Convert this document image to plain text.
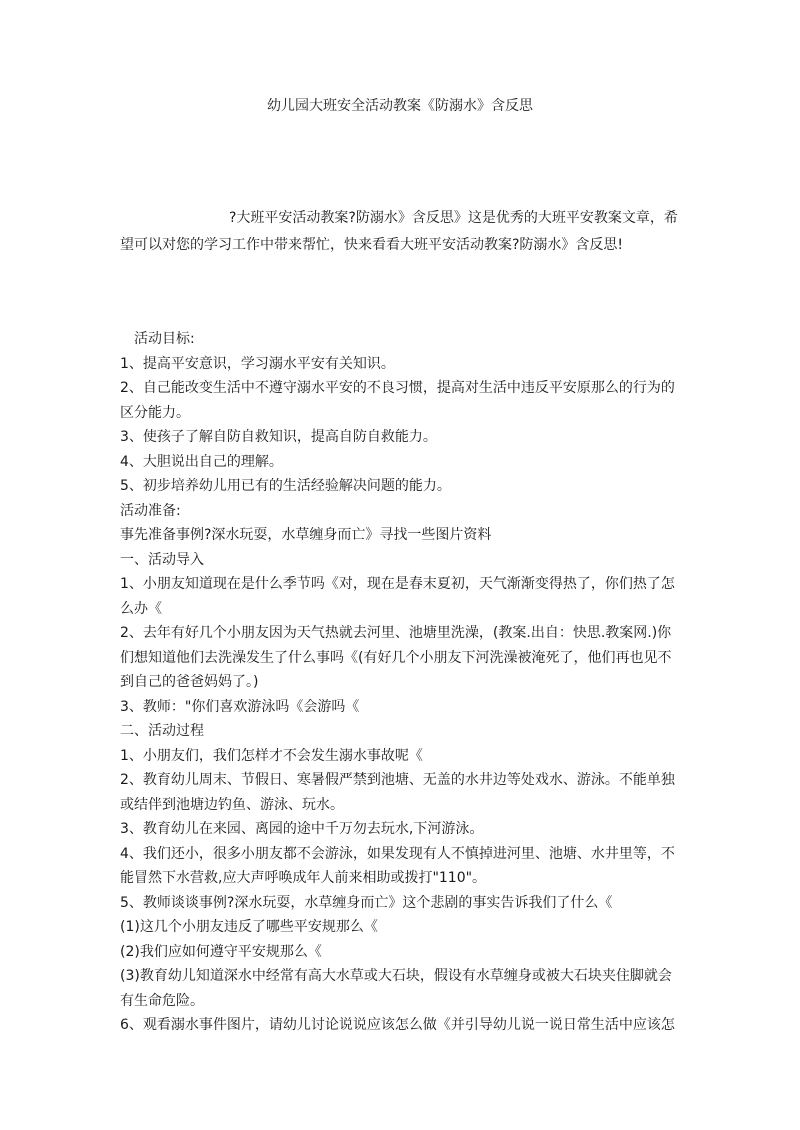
幼儿园大班安全活动教案《防溺水》含反思
?大班平安活动教案?防溺水》含反思》这是优秀的大班平安教案文章，希望可以对您的学习工作中带来帮忙，快来看看大班平安活动教案?防溺水》含反思!

活动目标:

1、提高平安意识，学习溺水平安有关知识。

2、自己能改变生活中不遵守溺水平安的不良习惯，提高对生活中违反平安原那么的行为的区分能力。

3、使孩子了解自防自救知识，提高自防自救能力。

4、大胆说出自己的理解。

5、初步培养幼儿用已有的生活经验解决问题的能力。

活动准备:

事先准备事例?深水玩耍，水草缠身而亡》寻找一些图片资料

一、活动导入

1、小朋友知道现在是什么季节吗《对，现在是春末夏初，天气渐渐变得热了，你们热了怎么办《

2、去年有好几个小朋友因为天气热就去河里、池塘里洗澡，(教案.出自：快思.教案网.)你们想知道他们去洗澡发生了什么事吗《(有好几个小朋友下河洗澡被淹死了，他们再也见不到自己的爸爸妈妈了。)

3、教师："你们喜欢游泳吗《会游吗《

二、活动过程

1、小朋友们，我们怎样才不会发生溺水事故呢《

2、教育幼儿周末、节假日、寒暑假严禁到池塘、无盖的水井边等处戏水、游泳。不能单独或结伴到池塘边钓鱼、游泳、玩水。

3、教育幼儿在来园、离园的途中千万勿去玩水,下河游泳。

4、我们还小，很多小朋友都不会游泳，如果发现有人不慎掉进河里、池塘、水井里等，不能冒然下水营救,应大声呼唤成年人前来相助或拨打"110"。

5、教师谈谈事例?深水玩耍，水草缠身而亡》这个悲剧的事实告诉我们了什么《

(1)这几个小朋友违反了哪些平安规那么《

(2)我们应如何遵守平安规那么《

(3)教育幼儿知道深水中经常有高大水草或大石块，假设有水草缠身或被大石块夹住脚就会有生命危险。

6、观看溺水事件图片，请幼儿讨论说说应该怎么做《并引导幼儿说一说日常生活中应该怎
